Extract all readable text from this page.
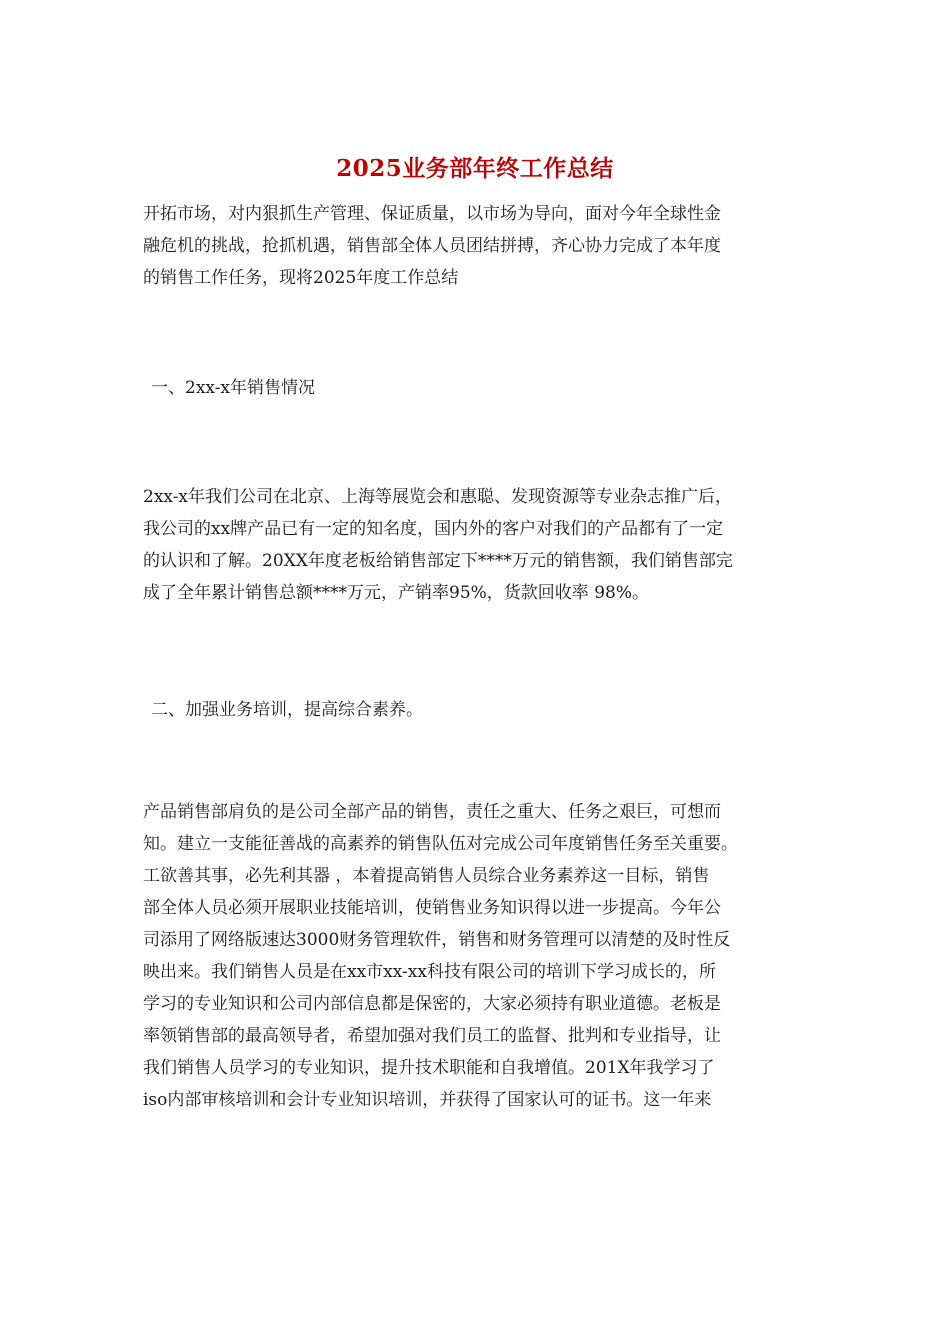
2025业务部年终工作总结
开拓市场，对内狠抓生产管理、保证质量，以市场为导向，面对今年全球性金
融危机的挑战，抢抓机遇，销售部全体人员团结拼搏，齐心协力完成了本年度
的销售工作任务，现将2025年度工作总结
一、2xx-x年销售情况
2xx-x年我们公司在北京、上海等展览会和惠聪、发现资源等专业杂志推广后，
我公司的xx牌产品已有一定的知名度，国内外的客户对我们的产品都有了一定
的认识和了解。20XX年度老板给销售部定下****万元的销售额，我们销售部完
成了全年累计销售总额****万元，产销率95%，货款回收率 98%。
二、加强业务培训，提高综合素养。
产品销售部肩负的是公司全部产品的销售，责任之重大、任务之艰巨，可想而
知。建立一支能征善战的高素养的销售队伍对完成公司年度销售任务至关重要。
工欲善其事，必先利其器 ，本着提高销售人员综合业务素养这一目标，销售
部全体人员必须开展职业技能培训，使销售业务知识得以进一步提高。今年公
司添用了网络版速达3000财务管理软件，销售和财务管理可以清楚的及时性反
映出来。我们销售人员是在xx市xx-xx科技有限公司的培训下学习成长的，所
学习的专业知识和公司内部信息都是保密的，大家必须持有职业道德。老板是
率领销售部的最高领导者，希望加强对我们员工的监督、批判和专业指导，让
我们销售人员学习的专业知识，提升技术职能和自我增值。201X年我学习了
iso内部审核培训和会计专业知识培训，并获得了国家认可的证书。这一年来
